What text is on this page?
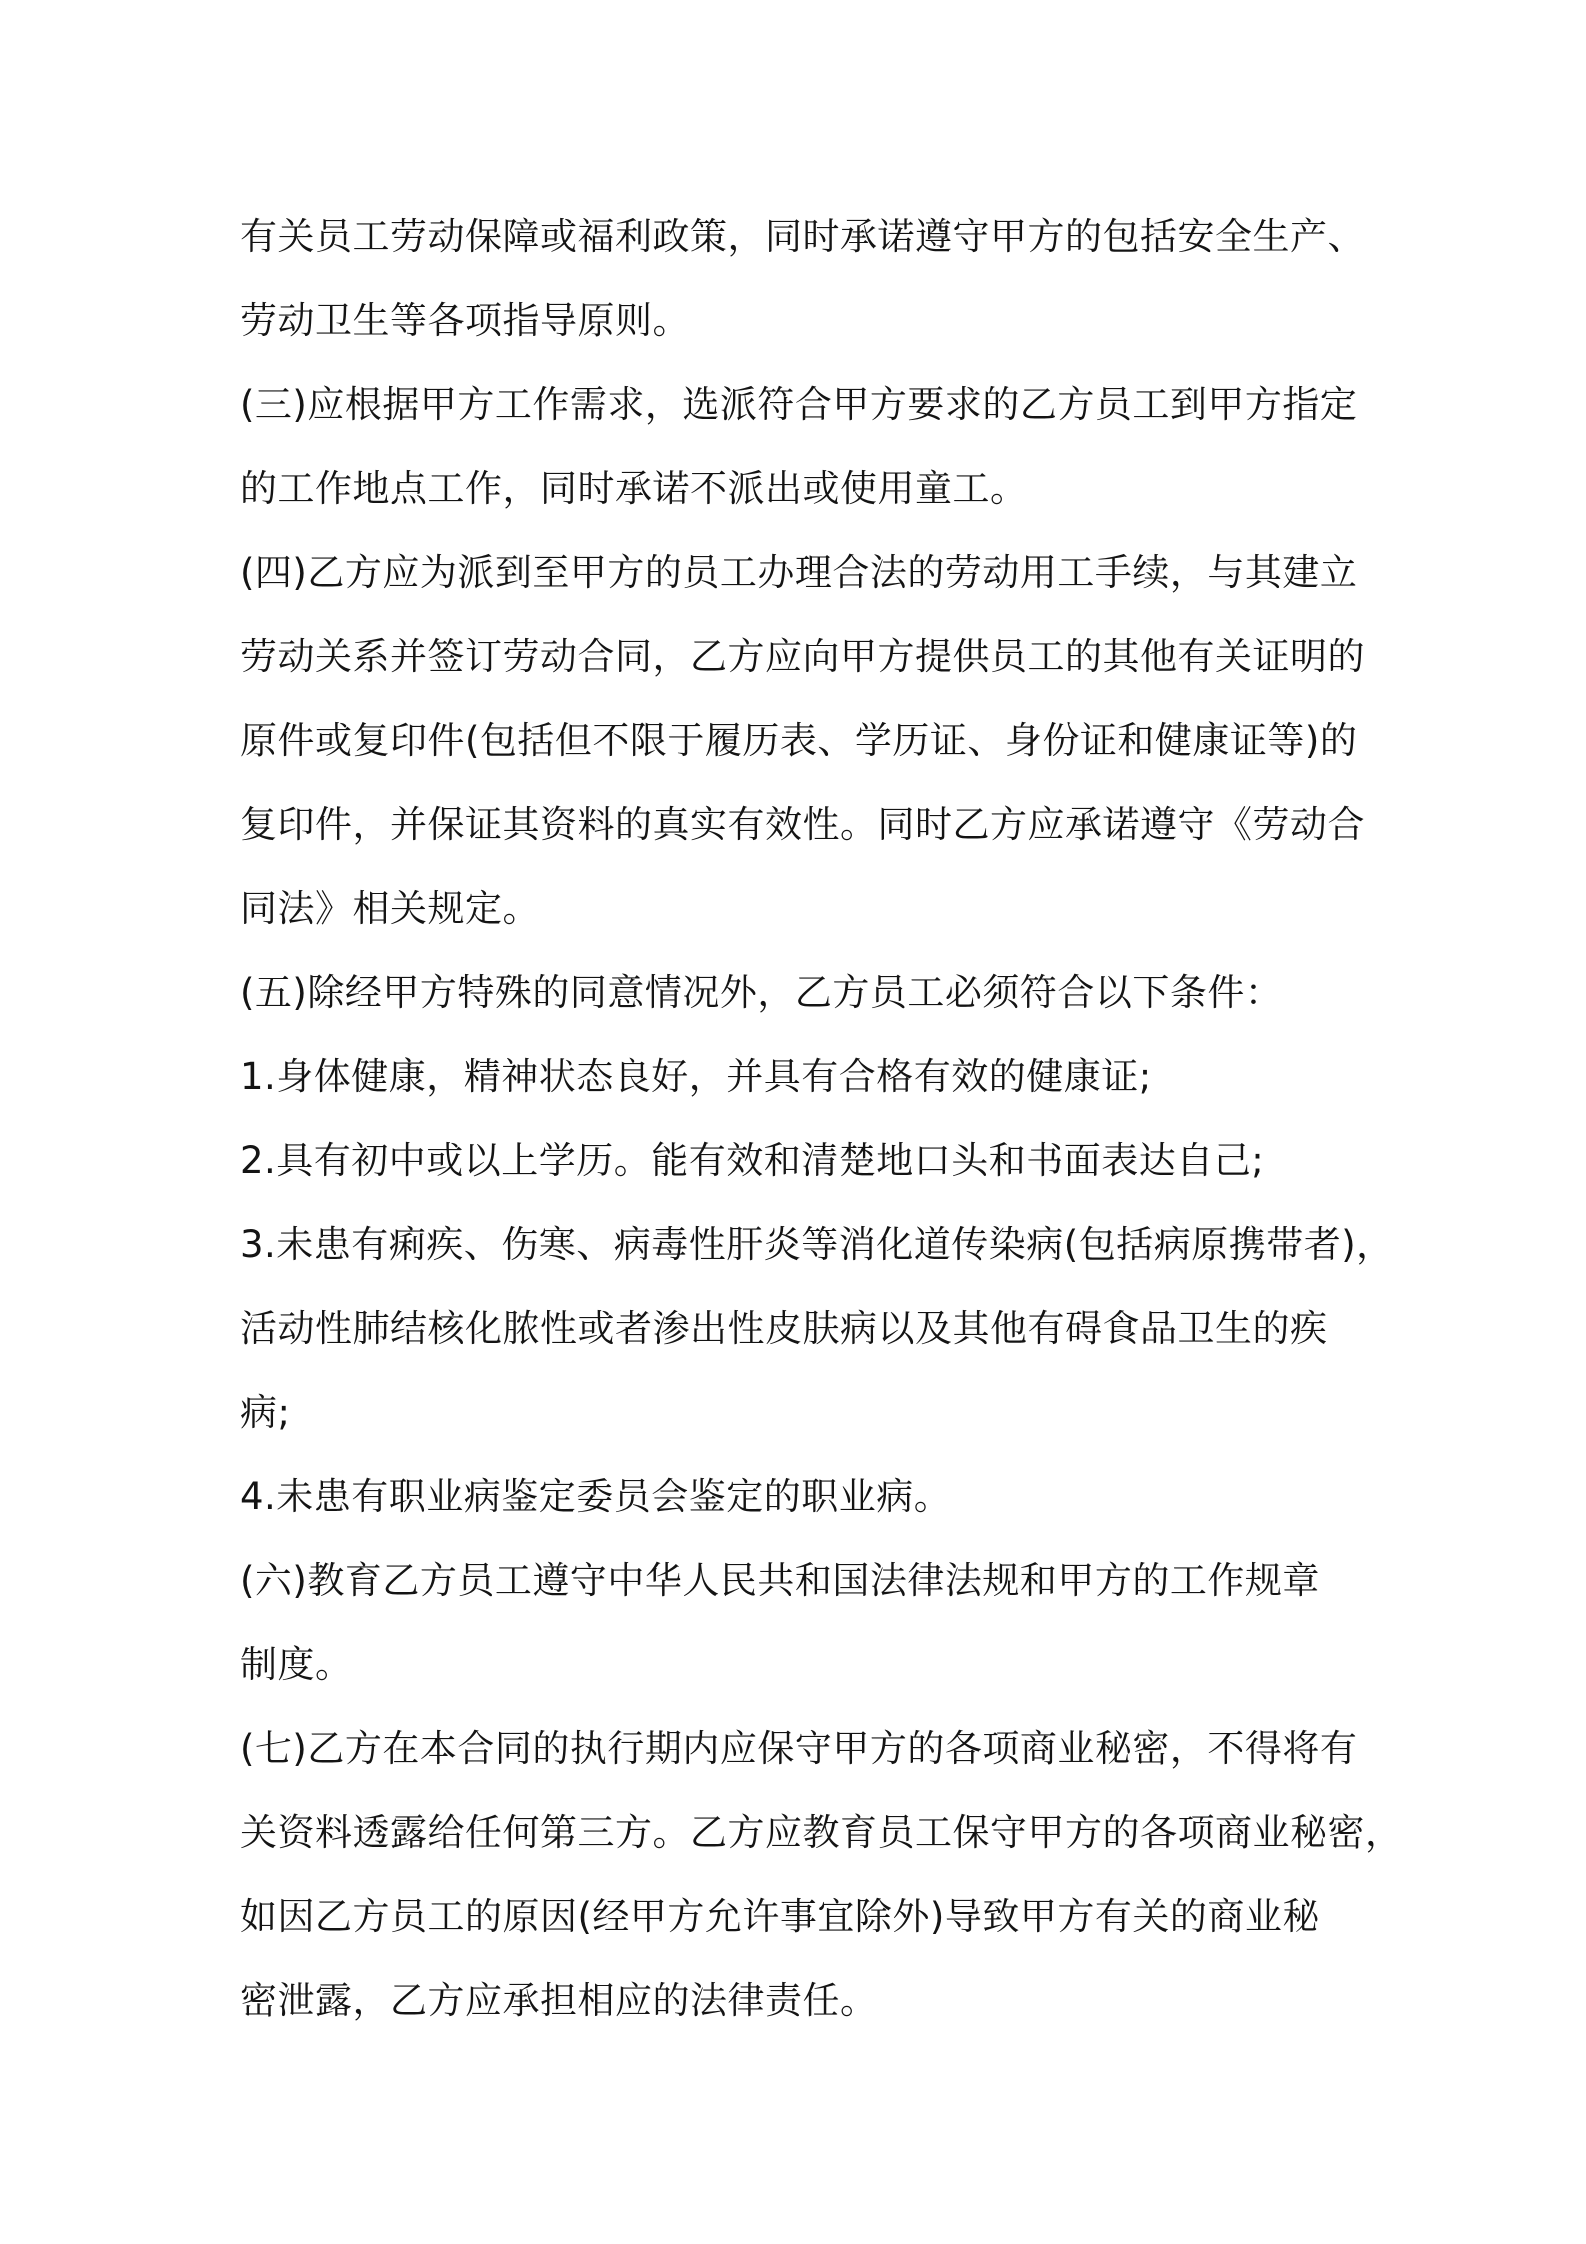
有关员工劳动保障或福利政策，同时承诺遵守甲方的包括安全生产、
劳动卫生等各项指导原则。

(三)应根据甲方工作需求，选派符合甲方要求的乙方员工到甲方指定
的工作地点工作，同时承诺不派出或使用童工。

(四)乙方应为派到至甲方的员工办理合法的劳动用工手续，与其建立
劳动关系并签订劳动合同，乙方应向甲方提供员工的其他有关证明的
原件或复印件(包括但不限于履历表、学历证、身份证和健康证等)的
复印件，并保证其资料的真实有效性。同时乙方应承诺遵守《劳动合
同法》相关规定。

(五)除经甲方特殊的同意情况外，乙方员工必须符合以下条件：

1.身体健康，精神状态良好，并具有合格有效的健康证;

2.具有初中或以上学历。能有效和清楚地口头和书面表达自己;

3.未患有痢疾、伤寒、病毒性肝炎等消化道传染病(包括病原携带者)，
活动性肺结核化脓性或者渗出性皮肤病以及其他有碍食品卫生的疾
病;

4.未患有职业病鉴定委员会鉴定的职业病。

(六)教育乙方员工遵守中华人民共和国法律法规和甲方的工作规章
制度。

(七)乙方在本合同的执行期内应保守甲方的各项商业秘密，不得将有
关资料透露给任何第三方。乙方应教育员工保守甲方的各项商业秘密，
如因乙方员工的原因(经甲方允许事宜除外)导致甲方有关的商业秘
密泄露，乙方应承担相应的法律责任。
